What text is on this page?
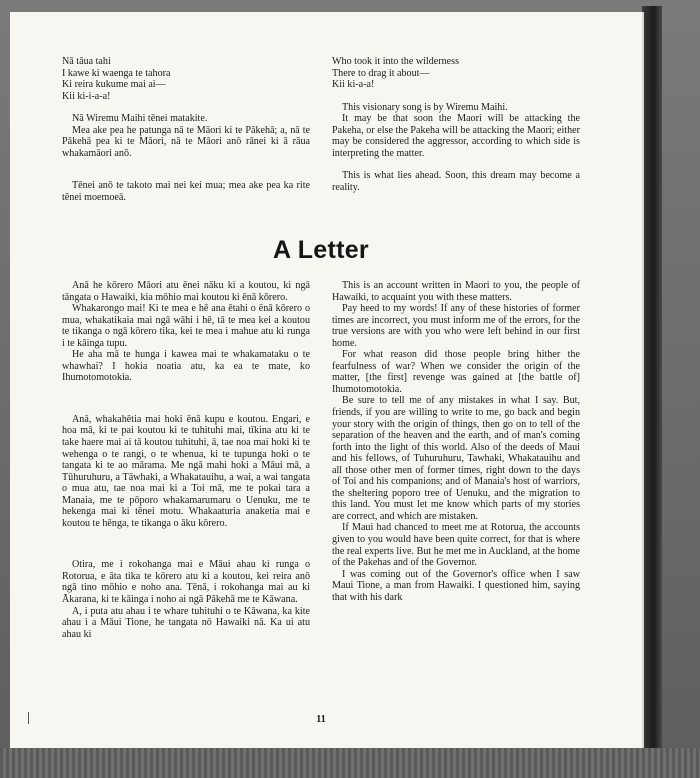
Nā tāua tahi
I kawe ki waenga te tahora
Ki reira kukume mai ai—
Kii ki-i-a-a!

Nā Wiremu Maihi tēnei matakite.

Mea ake pea he patunga nā te Māori ki te Pākehā; a, nā te Pākehā pea ki te Māori, nā te Māori anō rānei ki ā rāua whakamāori anō.

Tēnei anō te takoto mai nei kei mua; mea ake pea ka rite tēnei moemoeā.

Who took it into the wilderness
There to drag it about—
Kii ki-a-a!

This visionary song is by Wiremu Maihi.

It may be that soon the Maori will be attacking the Pakeha, or else the Pakeha will be attacking the Maori; either may be considered the aggressor, according to which side is interpreting the matter.

This is what lies ahead. Soon, this dream may become a reality.

A Letter

Anā he kōrero Māori atu ēnei nāku ki a koutou, ki ngā tāngata o Hawaiki, kia mōhio mai koutou ki ēnā kōrero.

Whakarongo mai! Ki te mea e hē ana ētahi o ēnā kōrero o mua, whakatikaia mai ngā wāhi i hē, tā te mea kei a koutou te tikanga o ngā kōrero tika, kei te mea i mahue atu ki runga i te kāinga tupu.

He aha mā te hunga i kawea mai te whakamataku o te whawhai? I hokia noatia atu, ka ea te mate, ko Ihumotomotokia.

Anā, whakahētia mai hoki ēnā kupu e koutou. Engari, e hoa mā, ki te pai koutou ki te tuhituhi mai, tīkina atu ki te take haere mai ai tā koutou tuhituhi, ā, tae noa mai hoki ki te wehenga o te rangi, o te whenua, ki te tupunga hoki o te tangata ki te ao mārama. Me ngā mahi hoki a Māui mā, a Tūhuruhuru, a Tāwhaki, a Whakatauihu, a wai, a wai tangata o mua atu, tae noa mai ki a Toi mā, me te pokai tara a Manaia, me te pōporo whakamarumaru o Uenuku, me te hekenga mai ki tēnei motu. Whakaaturia anaketia mai e koutou te hēnga, te tikanga o āku kōrero.

Otira, me i rokohanga mai e Māui ahau ki runga o Rotorua, e āta tika te kōrero atu ki a koutou, kei reira anō ngā tino mōhio e noho ana. Tēnā, i rokohanga mai au ki Ākarana, ki te kāinga i noho ai ngā Pākehā me te Kāwana.

A, i puta atu ahau i te whare tuhituhi o te Kāwana, ka kite ahau i a Māui Tione, he tangata nō Hawaiki nā. Ka ui atu ahau ki

This is an account written in Maori to you, the people of Hawaiki, to acquaint you with these matters.

Pay heed to my words! If any of these histories of former times are incorrect, you must inform me of the errors, for the true versions are with you who were left behind in our first home.

For what reason did those people bring hither the fearfulness of war? When we consider the origin of the matter, [the first] revenge was gained at [the battle of] Ihumotomotokia.

Be sure to tell me of any mistakes in what I say. But, friends, if you are willing to write to me, go back and begin your story with the origin of things, then go on to tell of the separation of the heaven and the earth, and of man's coming forth into the light of this world. Also of the deeds of Maui and his fellows, of Tuhuruhuru, Tawhaki, Whakatauihu and all those other men of former times, right down to the days of Toi and his companions; and of Manaia's host of warriors, the sheltering poporo tree of Uenuku, and the migration to this land. You must let me know which parts of my stories are correct, and which are mistaken.

If Maui had chanced to meet me at Rotorua, the accounts given to you would have been quite correct, for that is where the real experts live. But he met me in Auckland, at the home of the Pakehas and of the Governor.

I was coming out of the Governor's office when I saw Maui Tione, a man from Hawaiki. I questioned him, saying that with his dark

11
